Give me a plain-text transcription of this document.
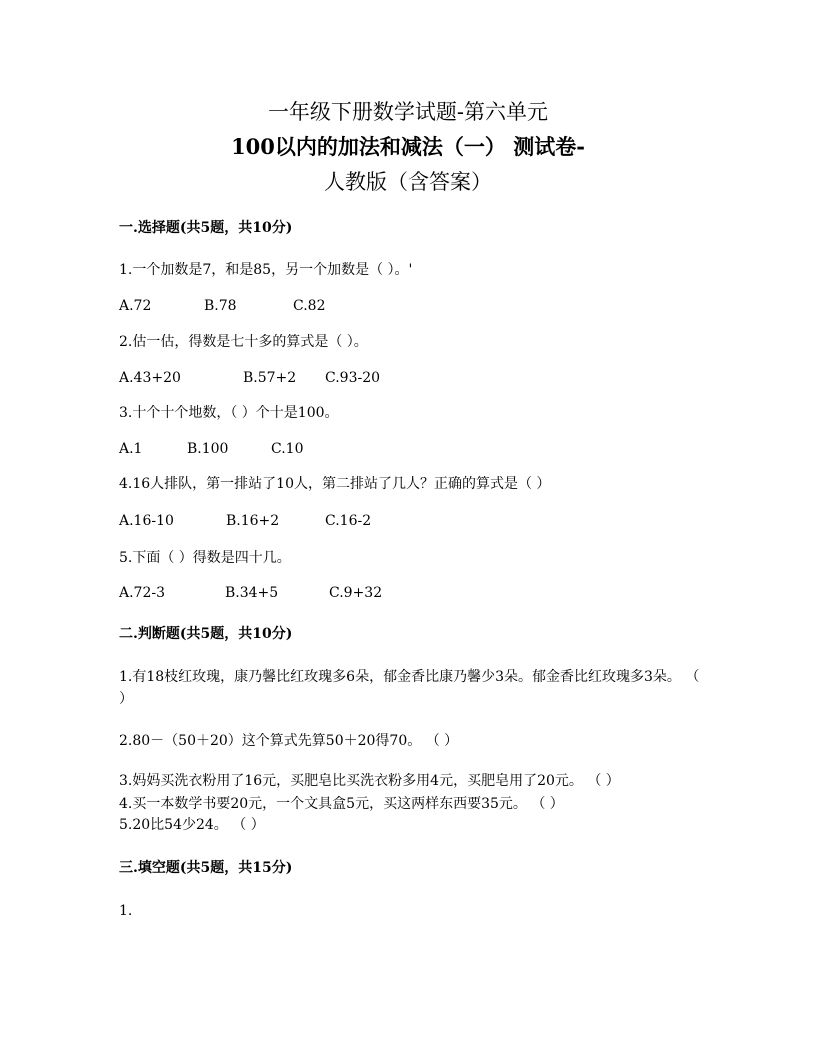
一年级下册数学试题-第六单元
100以内的加法和减法（一） 测试卷-
人教版（含答案）
一.选择题(共5题，共10分)
1.一个加数是7，和是85，另一个加数是（ ）。'
A.72	B.78	C.82
2.估一估，得数是七十多的算式是（ ）。
A.43+20	B.57+2 C.93-20
3.十个十个地数，（ ）个十是100。
A.1	B.100	C.10
4.16人排队，第一排站了10人，第二排站了几人？正确的算式是（ ）
A.16-10	B.16+2	C.16-2
5.下面（ ）得数是四十几。
A.72-3	B.34+5	C.9+32
二.判断题(共5题，共10分)
1.有18枝红玫瑰，康乃馨比红玫瑰多6朵，郁金香比康乃馨少3朵。郁金香比红玫瑰多3朵。 （ ）
2.80－（50＋20）这个算式先算50＋20得70。 （ ）
3.妈妈买洗衣粉用了16元，买肥皂比买洗衣粉多用4元，买肥皂用了20元。 （ ）
4.买一本数学书要20元，一个文具盒5元，买这两样东西要35元。 （ ）
5.20比54少24。 （ ）
三.填空题(共5题，共15分)
1.
